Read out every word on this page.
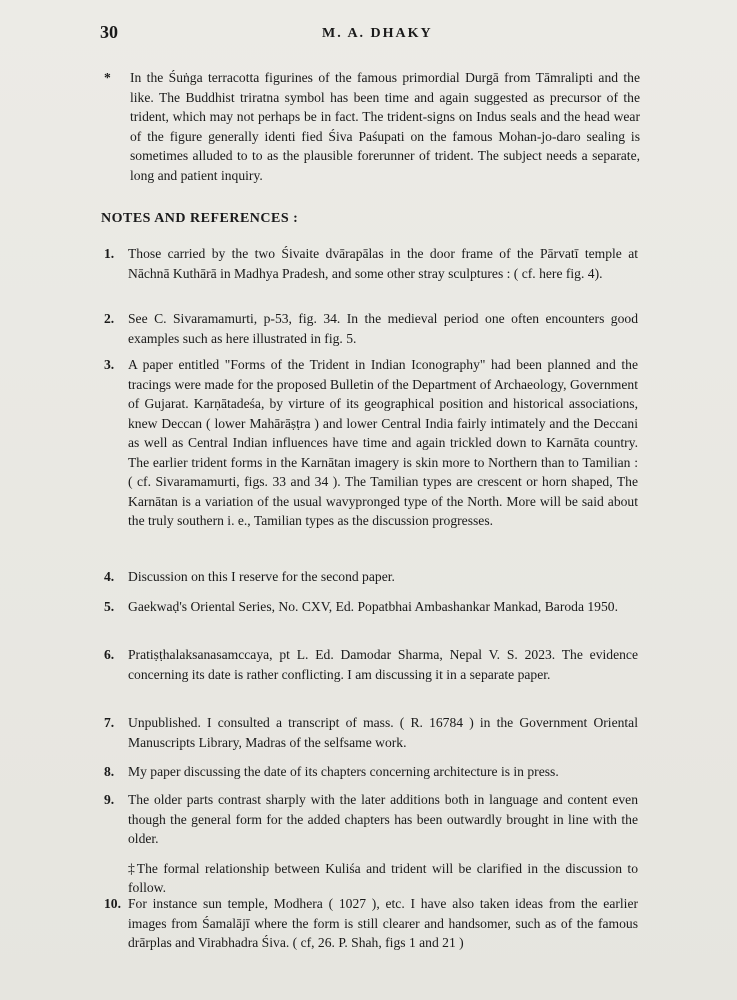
30	M. A. DHAKY
*	In the Śuṅga terracotta figurines of the famous primordial Durgā from Tāmralipti and the like. The Buddhist triratna symbol has been time and again suggested as precursor of the trident, which may not perhaps be in fact. The trident-signs on Indus seals and the head wear of the figure generally identi fied Śiva Paśupati on the famous Mohan-jo-daro sealing is sometimes alluded to to as the plausible forerunner of trident. The subject needs a separate, long and patient inquiry.

NOTES AND REFERENCES :
1. Those carried by the two Śivaite dvārapālas in the door frame of the Pārvatī temple at Nāchnā Kuthārā in Madhya Pradesh, and some other stray sculptures : ( cf. here fig. 4).
2. See C. Sivaramamurti, p-53, fig. 34. In the medieval period one often encounters good examples such as here illustrated in fig. 5.
3. A paper entitled "Forms of the Trident in Indian Iconography" had been planned and the tracings were made for the proposed Bulletin of the Department of Archaeology, Government of Gujarat. Karṇātadeśa, by virture of its geographical position and historical associations, knew Deccan ( lower Mahārāṣṭra ) and lower Central India fairly intimately and the Deccani as well as Central Indian influences have time and again trickled down to Karnāta country. The earlier trident forms in the Karnātan imagery is skin more to Northern than to Tamilian : ( cf. Sivaramamurti, figs. 33 and 34 ). The Tamilian types are crescent or horn shaped, The Karnātan is a variation of the usual wavypronged type of the North. More will be said about the truly southern i. e., Tamilian types as the discussion progresses.
4. Discussion on this I reserve for the second paper.
5. Gaekwaḍ's Oriental Series, No. CXV, Ed. Popatbhai Ambashankar Mankad, Baroda 1950.
6. Pratiṣṭhalaksanasamccaya, pt L. Ed. Damodar Sharma, Nepal V. S. 2023. The evidence concerning its date is rather conflicting. I am discussing it in a separate paper.
7. Unpublished. I consulted a transcript of mass. ( R. 16784 ) in the Government Oriental Manuscripts Library, Madras of the selfsame work.
8. My paper discussing the date of its chapters concerning architecture is in press.
9. The older parts contrast sharply with the later additions both in language and content even though the general form for the added chapters has been outwardly brought in line with the older.
‡The formal relationship between Kuliśa and trident will be clarified in the discussion to follow.
10. For instance sun temple, Modhera ( 1027 ), etc. I have also taken ideas from the earlier images from Śamalājī where the form is still clearer and handsomer, such as of the famous drārplas and Virabhadra Śiva. ( cf, 26. P. Shah, figs 1 and 21 )
